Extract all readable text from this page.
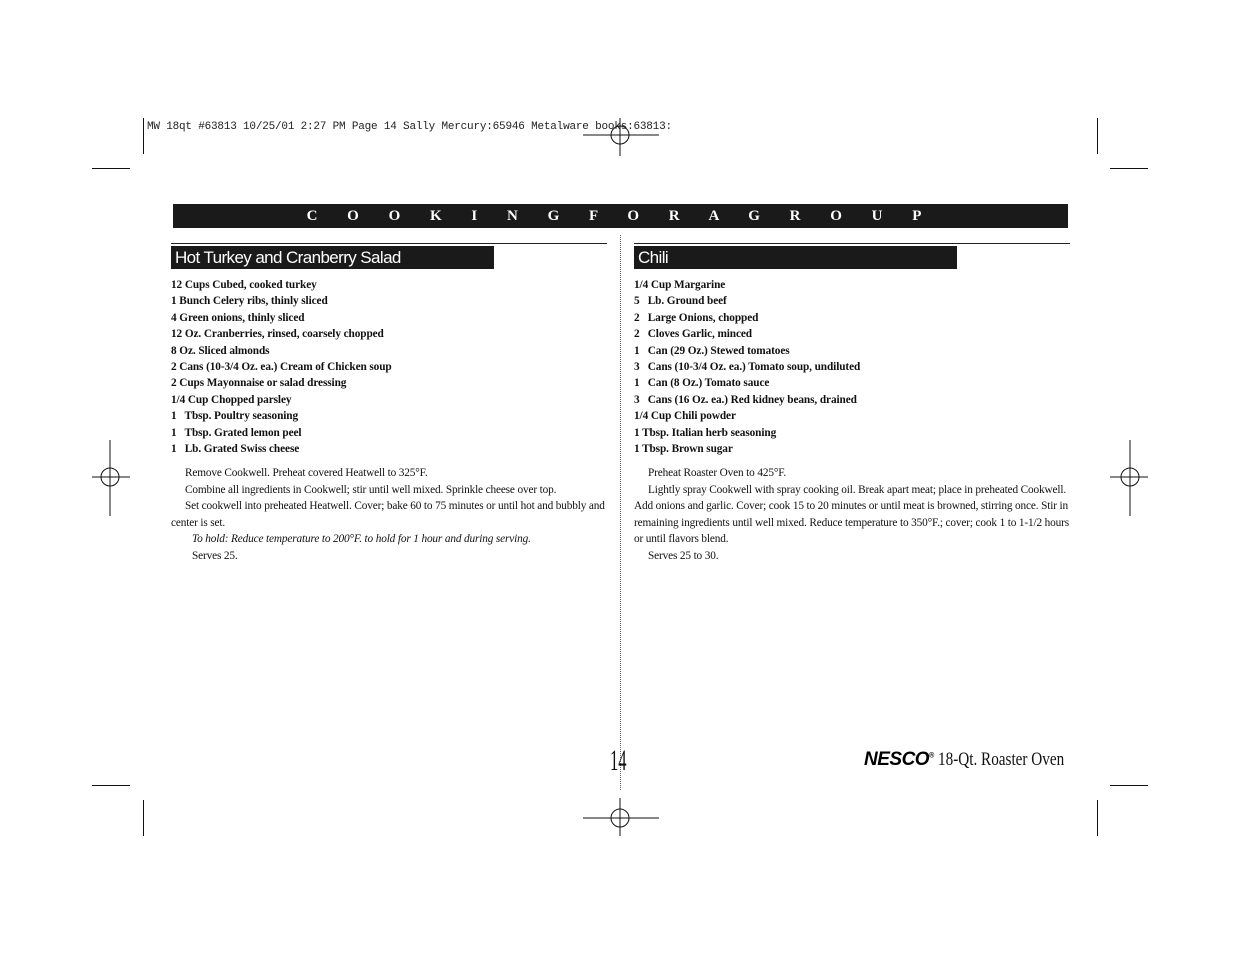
MW 18qt #63813 10/25/01 2:27 PM Page 14 Sally Mercury:65946 Metalware books:63813:
C O O K I N G F O R A G R O U P
Hot Turkey and Cranberry Salad
12 Cups Cubed, cooked turkey
1 Bunch Celery ribs, thinly sliced
4 Green onions, thinly sliced
12 Oz. Cranberries, rinsed, coarsely chopped
8 Oz. Sliced almonds
2 Cans (10-3/4 Oz. ea.) Cream of Chicken soup
2 Cups Mayonnaise or salad dressing
1/4 Cup Chopped parsley
1   Tbsp. Poultry seasoning
1   Tbsp. Grated lemon peel
1   Lb. Grated Swiss cheese

Remove Cookwell. Preheat covered Heatwell to 325°F.

Combine all ingredients in Cookwell; stir until well mixed. Sprinkle cheese over top.

Set cookwell into preheated Heatwell. Cover; bake 60 to 75 minutes or until hot and bubbly and center is set.

To hold: Reduce temperature to 200°F. to hold for 1 hour and during serving.

Serves 25.

Chili
1/4 Cup Margarine
5   Lb. Ground beef
2   Large Onions, chopped
2   Cloves Garlic, minced
1   Can (29 Oz.) Stewed tomatoes
3   Cans (10-3/4 Oz. ea.) Tomato soup, undiluted
1   Can (8 Oz.) Tomato sauce
3   Cans (16 Oz. ea.) Red kidney beans, drained
1/4 Cup Chili powder
1 Tbsp. Italian herb seasoning
1 Tbsp. Brown sugar

Preheat Roaster Oven to 425°F.

Lightly spray Cookwell with spray cooking oil. Break apart meat; place in preheated Cookwell. Add onions and garlic. Cover; cook 15 to 20 minutes or until meat is browned, stirring once. Stir in remaining ingredients until well mixed. Reduce temperature to 350°F.; cover; cook 1 to 1-1/2 hours or until flavors blend.

Serves 25 to 30.

14	NESCO® 18-Qt. Roaster Oven
